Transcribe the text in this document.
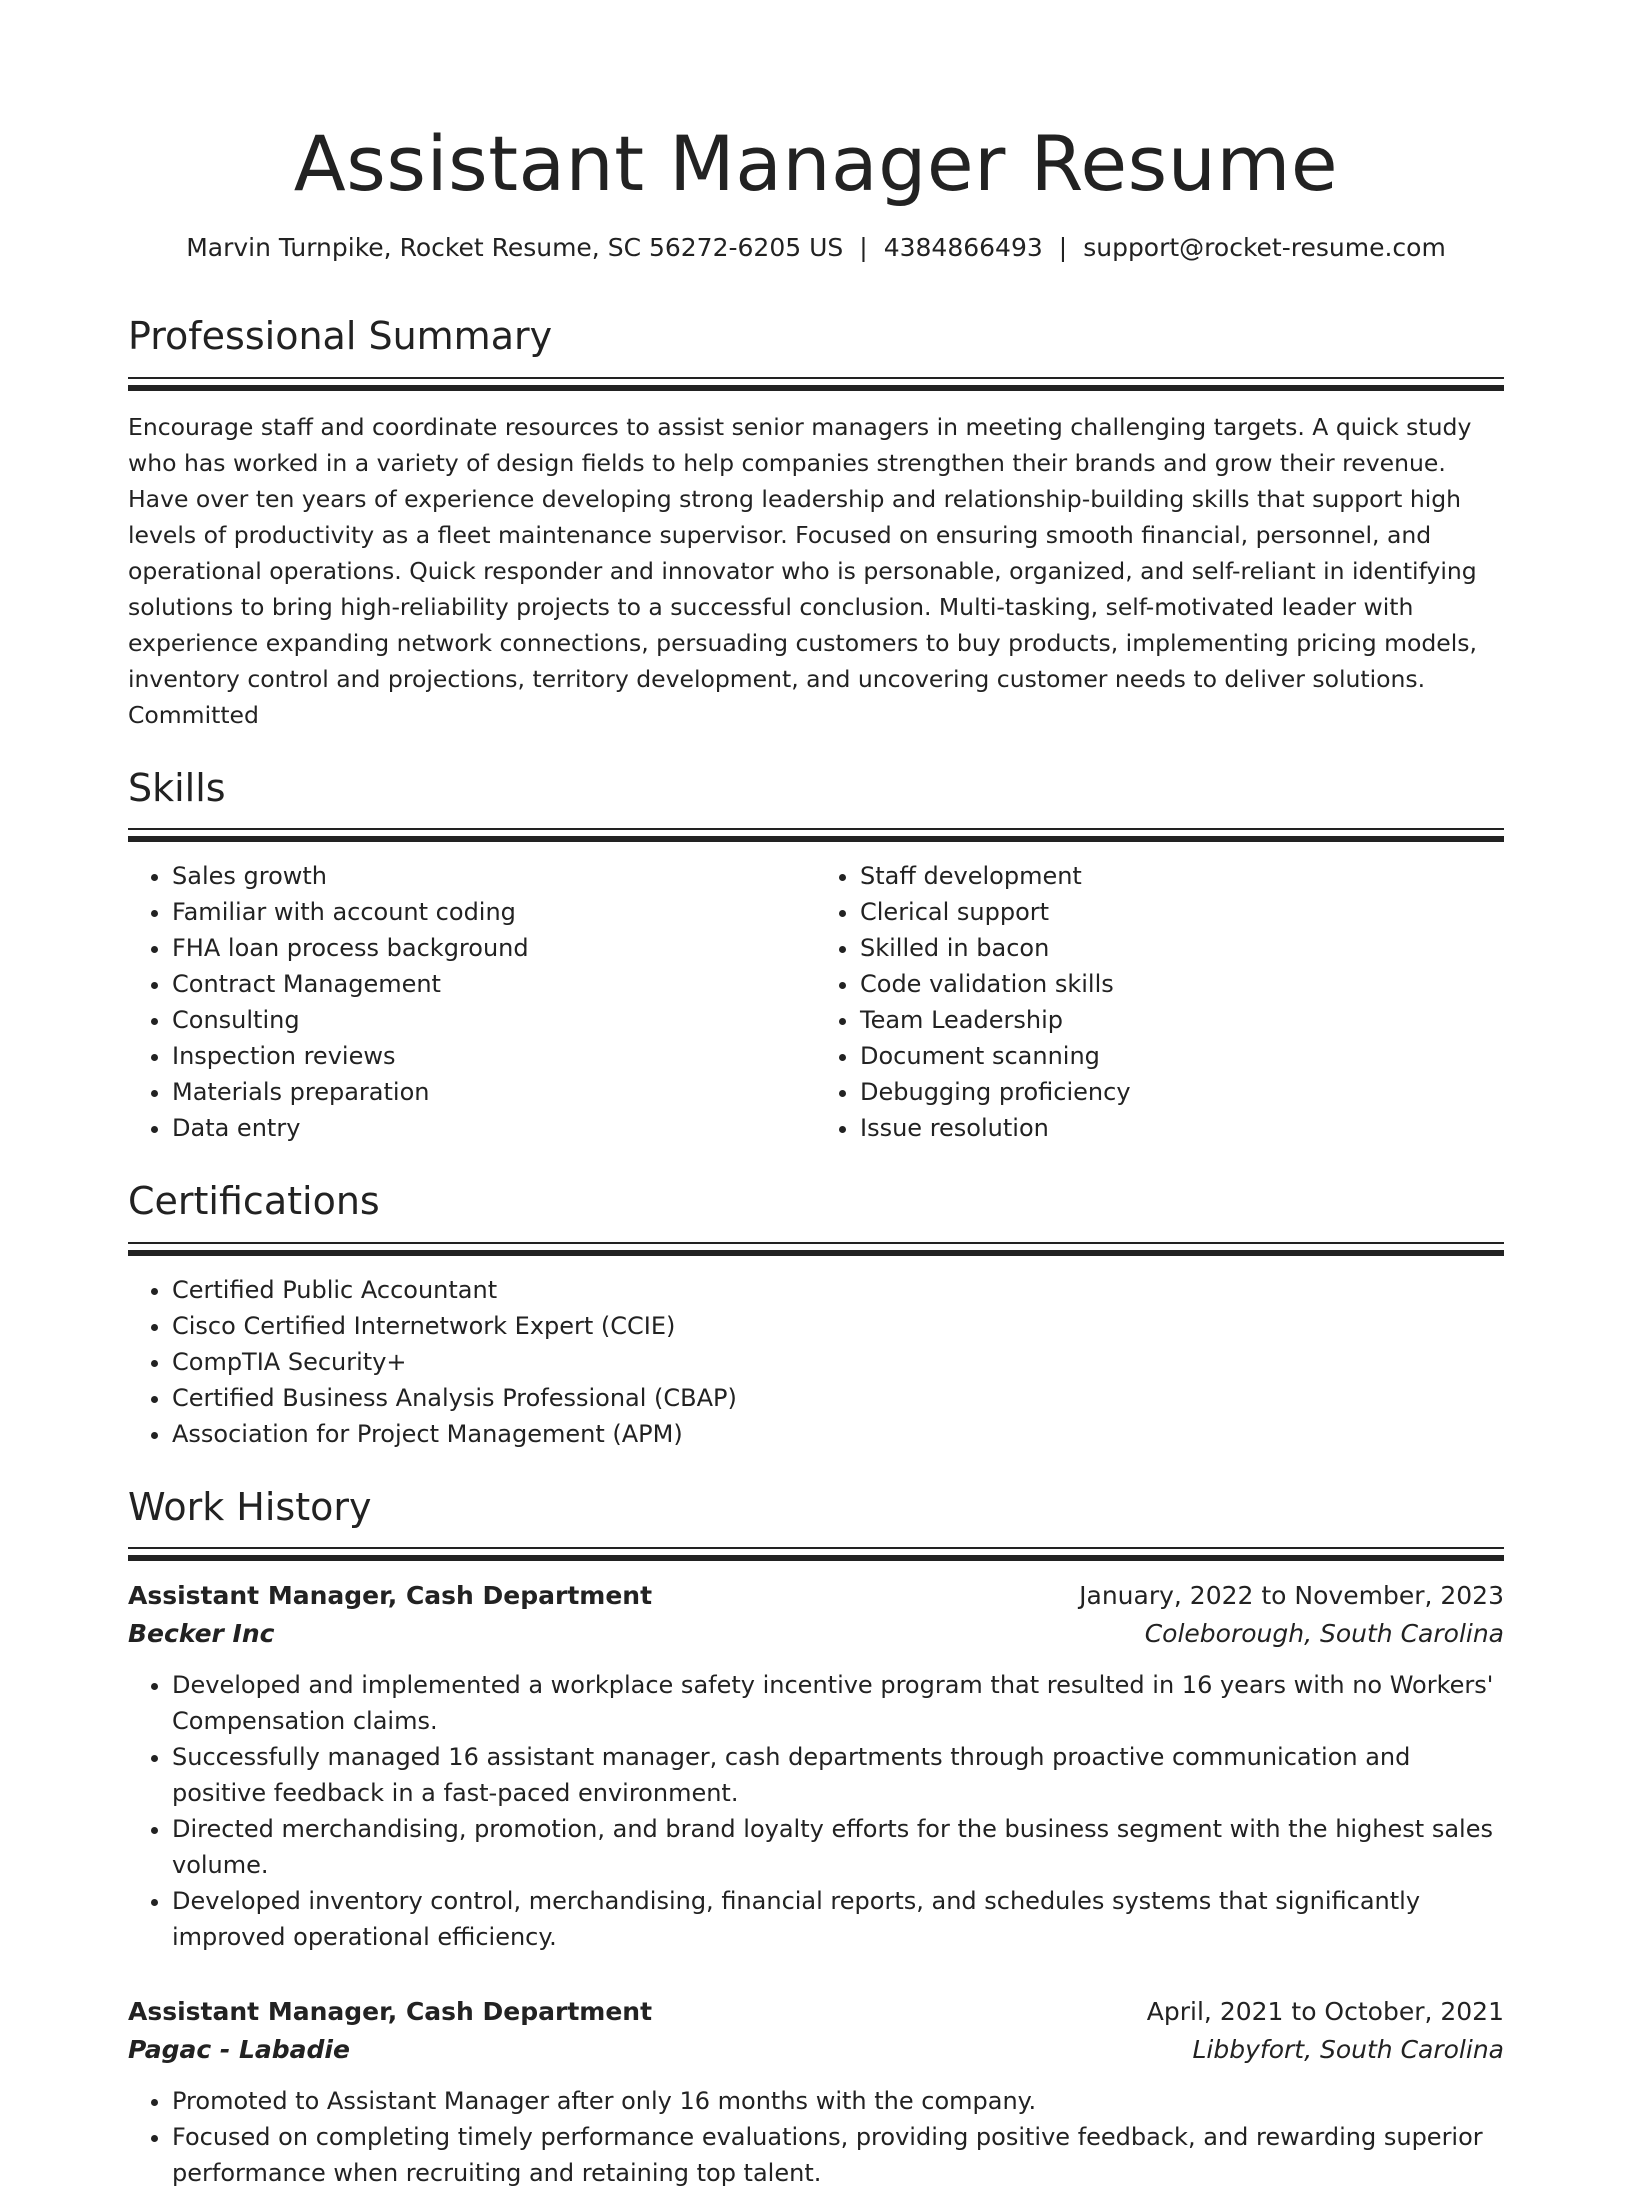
Assistant Manager Resume
Marvin Turnpike, Rocket Resume, SC 56272-6205 US | 4384866493 | support@rocket-resume.com
Professional Summary
Encourage staff and coordinate resources to assist senior managers in meeting challenging targets. A quick study who has worked in a variety of design fields to help companies strengthen their brands and grow their revenue. Have over ten years of experience developing strong leadership and relationship-building skills that support high levels of productivity as a fleet maintenance supervisor. Focused on ensuring smooth financial, personnel, and operational operations. Quick responder and innovator who is personable, organized, and self-reliant in identifying solutions to bring high-reliability projects to a successful conclusion. Multi-tasking, self-motivated leader with experience expanding network connections, persuading customers to buy products, implementing pricing models, inventory control and projections, territory development, and uncovering customer needs to deliver solutions. Committed
Skills
• Sales growth
• Familiar with account coding
• FHA loan process background
• Contract Management
• Consulting
• Inspection reviews
• Materials preparation
• Data entry
• Staff development
• Clerical support
• Skilled in bacon
• Code validation skills
• Team Leadership
• Document scanning
• Debugging proficiency
• Issue resolution
Certifications
• Certified Public Accountant
• Cisco Certified Internetwork Expert (CCIE)
• CompTIA Security+
• Certified Business Analysis Professional (CBAP)
• Association for Project Management (APM)
Work History
Assistant Manager, Cash Department	January, 2022 to November, 2023
Becker Inc	Coleborough, South Carolina
• Developed and implemented a workplace safety incentive program that resulted in 16 years with no Workers' Compensation claims.
• Successfully managed 16 assistant manager, cash departments through proactive communication and positive feedback in a fast-paced environment.
• Directed merchandising, promotion, and brand loyalty efforts for the business segment with the highest sales volume.
• Developed inventory control, merchandising, financial reports, and schedules systems that significantly improved operational efficiency.
Assistant Manager, Cash Department	April, 2021 to October, 2021
Pagac - Labadie	Libbyfort, South Carolina
• Promoted to Assistant Manager after only 16 months with the company.
• Focused on completing timely performance evaluations, providing positive feedback, and rewarding superior performance when recruiting and retaining top talent.
